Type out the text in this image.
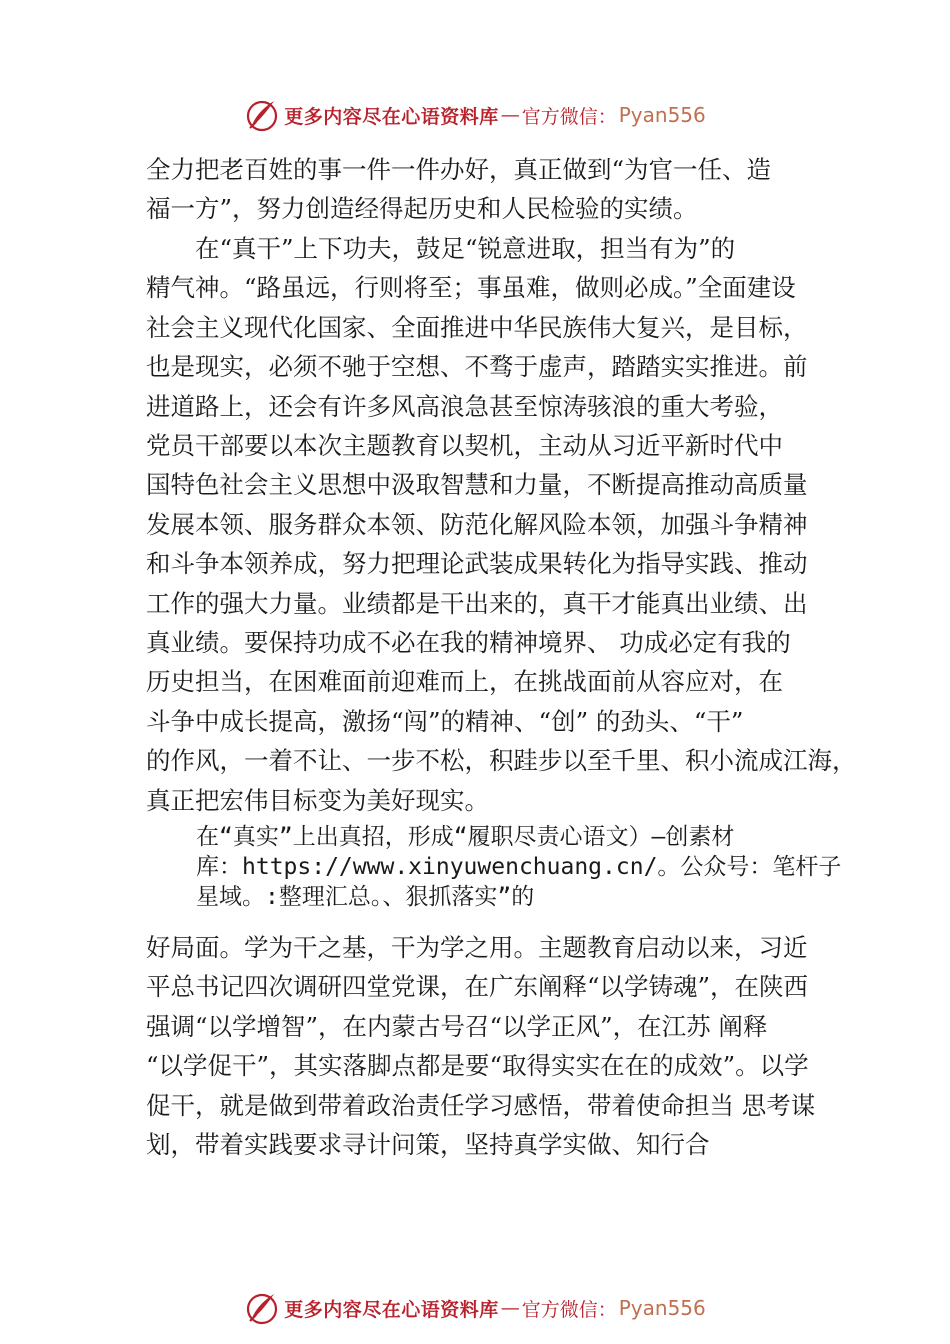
更多内容尽在心语资料库 — 官方微信： Pyan556
全力把老百姓的事一件一件办好，真正做到“为官一任、造
福一方”，努力创造经得起历史和人民检验的实绩。
　　在“真干”上下功夫，鼓足“锐意进取，担当有为”的
精气神。“路虽远，行则将至；事虽难，做则必成。”全面建设
社会主义现代化国家、全面推进中华民族伟大复兴，是目标，
也是现实，必须不驰于空想、不骛于虚声，踏踏实实推进。前
进道路上，还会有许多风高浪急甚至惊涛骇浪的重大考验，
党员干部要以本次主题教育以契机，主动从习近平新时代中
国特色社会主义思想中汲取智慧和力量，不断提高推动高质量
发展本领、服务群众本领、防范化解风险本领，加强斗争精神
和斗争本领养成，努力把理论武装成果转化为指导实践、推动
工作的强大力量。业绩都是干出来的，真干才能真出业绩、出
真业绩。要保持功成不必在我的精神境界、 功成必定有我的
历史担当，在困难面前迎难而上，在挑战面前从容应对，在
斗争中成长提高，激扬“闯”的精神、“创” 的劲头、“干”
的作风，一着不让、一步不松，积跬步以至千里、积小流成江海，
真正把宏伟目标变为美好现实。
在“真实”上出真招，形成“履职尽责心语文）—创素材
库：https://www.xinyuwenchuang.cn/。公众号：笔杆子
星域。:整理汇总。、狠抓落实”的
好局面。学为干之基，干为学之用。主题教育启动以来，习近
平总书记四次调研四堂党课，在广东阐释“以学铸魂”，在陕西
强调“以学增智”，在内蒙古号召“以学正风”，在江苏 阐释
“以学促干”，其实落脚点都是要“取得实实在在的成效”。以学
促干，就是做到带着政治责任学习感悟，带着使命担当 思考谋
划，带着实践要求寻计问策，坚持真学实做、知行合
更多内容尽在心语资料库 — 官方微信： Pyan556
